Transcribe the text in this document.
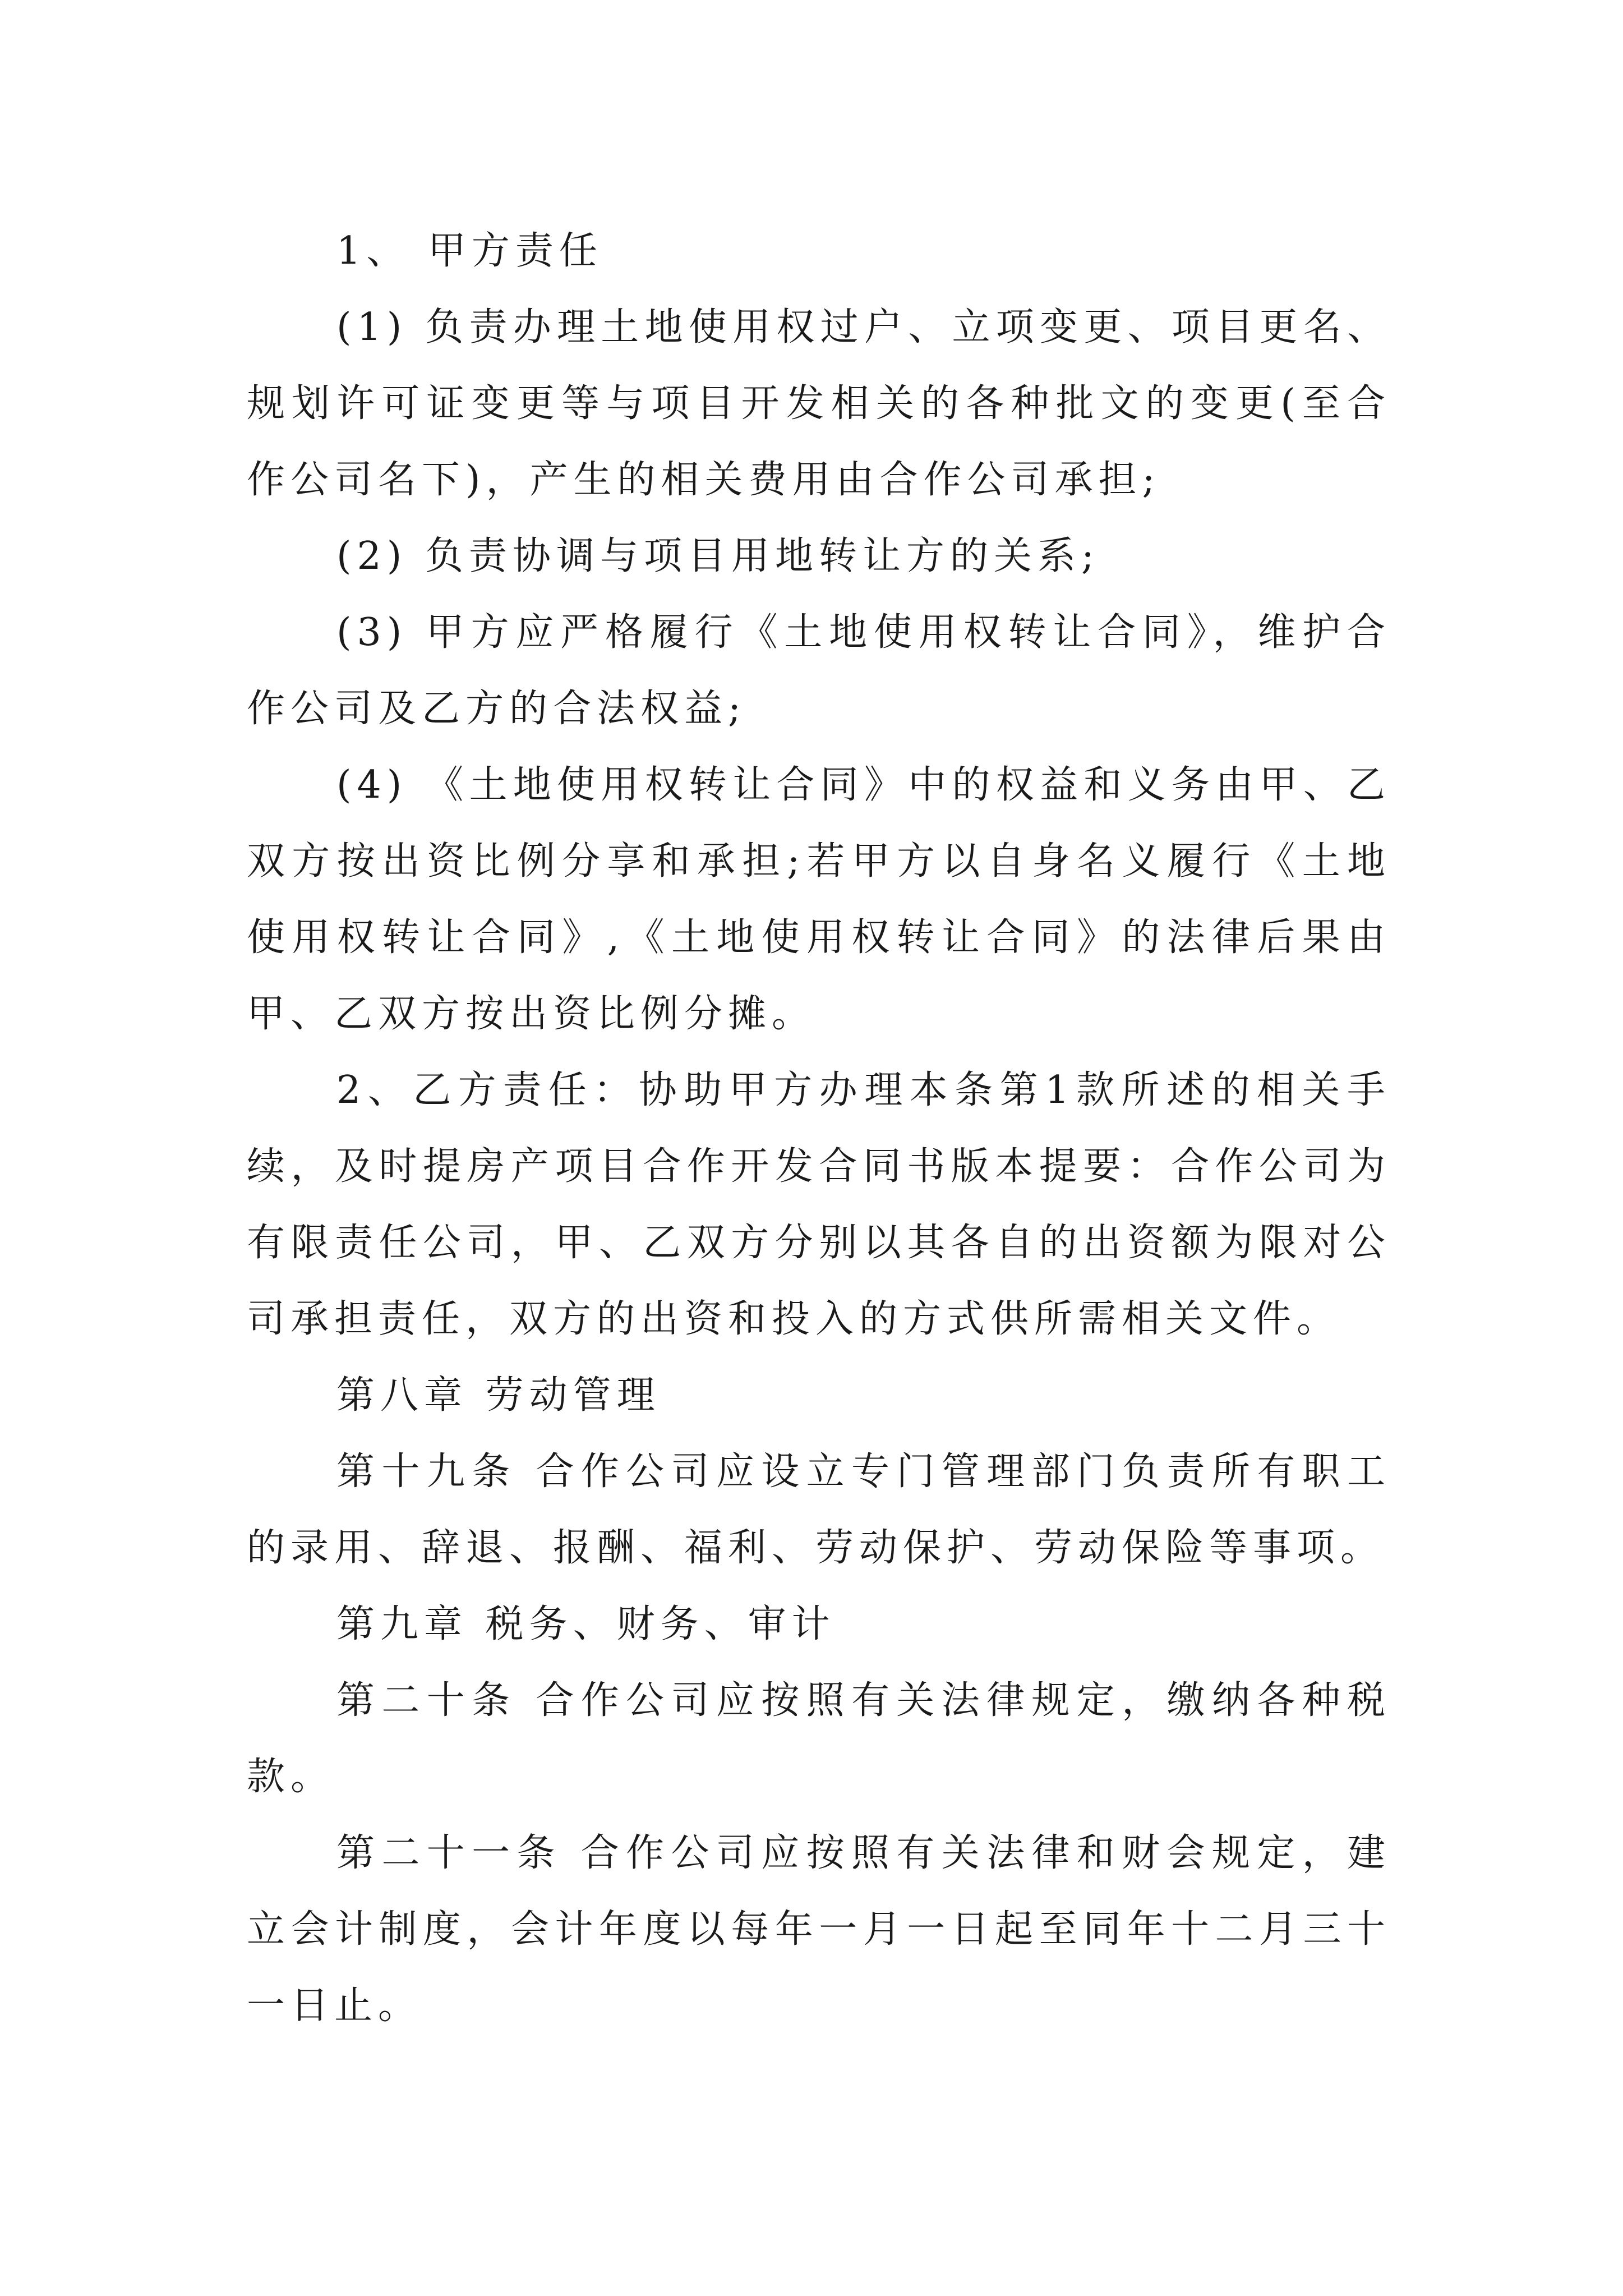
1、 甲方责任

(1) 负责办理土地使用权过户、立项变更、项目更名、规划许可证变更等与项目开发相关的各种批文的变更(至合作公司名下)，产生的相关费用由合作公司承担;

(2) 负责协调与项目用地转让方的关系;

(3) 甲方应严格履行《土地使用权转让合同》，维护合作公司及乙方的合法权益;

(4) 《土地使用权转让合同》中的权益和义务由甲、乙双方按出资比例分享和承担;若甲方以自身名义履行《土地使用权转让合同》,《土地使用权转让合同》的法律后果由甲、乙双方按出资比例分摊。

2、乙方责任：协助甲方办理本条第1款所述的相关手续，及时提房产项目合作开发合同书版本提要：合作公司为有限责任公司，甲、乙双方分别以其各自的出资额为限对公司承担责任，双方的出资和投入的方式供所需相关文件。

第八章 劳动管理

第十九条 合作公司应设立专门管理部门负责所有职工的录用、辞退、报酬、福利、劳动保护、劳动保险等事项。

第九章 税务、财务、审计

第二十条 合作公司应按照有关法律规定，缴纳各种税款。

第二十一条 合作公司应按照有关法律和财会规定，建立会计制度，会计年度以每年一月一日起至同年十二月三十一日止。
